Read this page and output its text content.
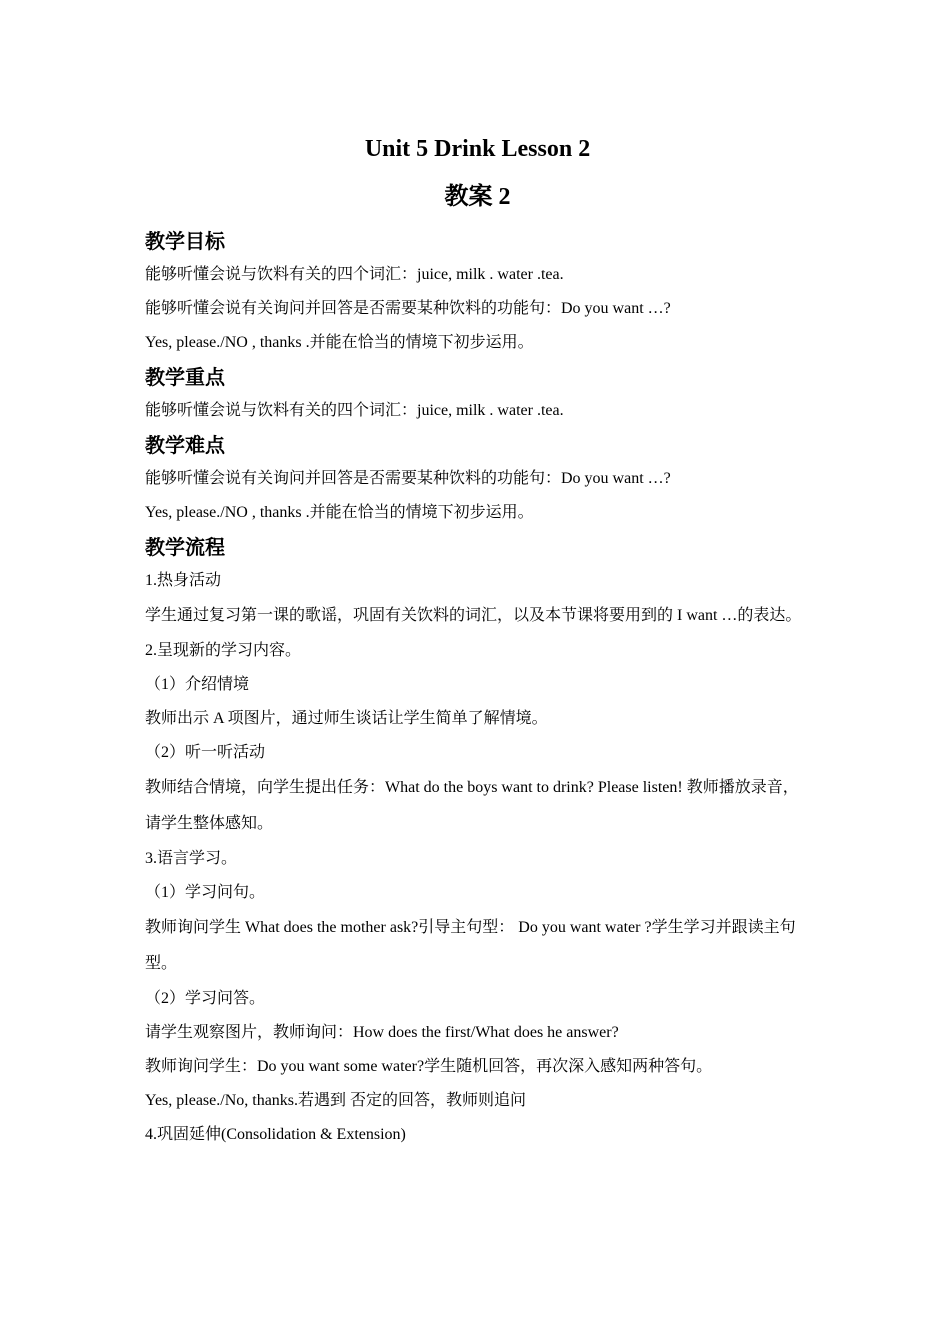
Unit 5 Drink Lesson 2
教案 2
教学目标
能够听懂会说与饮料有关的四个词汇：juice, milk . water .tea.
能够听懂会说有关询问并回答是否需要某种饮料的功能句：Do you want …?
Yes, please./NO , thanks .并能在恰当的情境下初步运用。
教学重点
能够听懂会说与饮料有关的四个词汇：juice, milk . water .tea.
教学难点
能够听懂会说有关询问并回答是否需要某种饮料的功能句：Do you want …?
Yes, please./NO , thanks .并能在恰当的情境下初步运用。
教学流程
1.热身活动
学生通过复习第一课的歌谣，巩固有关饮料的词汇，以及本节课将要用到的 I want …的表达。
2.呈现新的学习内容。
（1）介绍情境
教师出示 A 项图片，通过师生谈话让学生简单了解情境。
（2）听一听活动
教师结合情境，向学生提出任务：What do the boys want to drink? Please listen! 教师播放录音，请学生整体感知。
3.语言学习。
（1）学习问句。
教师询问学生 What does the mother ask?引导主句型： Do you want water ?学生学习并跟读主句型。
（2）学习问答。
请学生观察图片，教师询问：How does the first/What does he answer?
教师询问学生：Do you want some water?学生随机回答，再次深入感知两种答句。
Yes, please./No, thanks.若遇到 否定的回答，教师则追问
4.巩固延伸(Consolidation & Extension)
